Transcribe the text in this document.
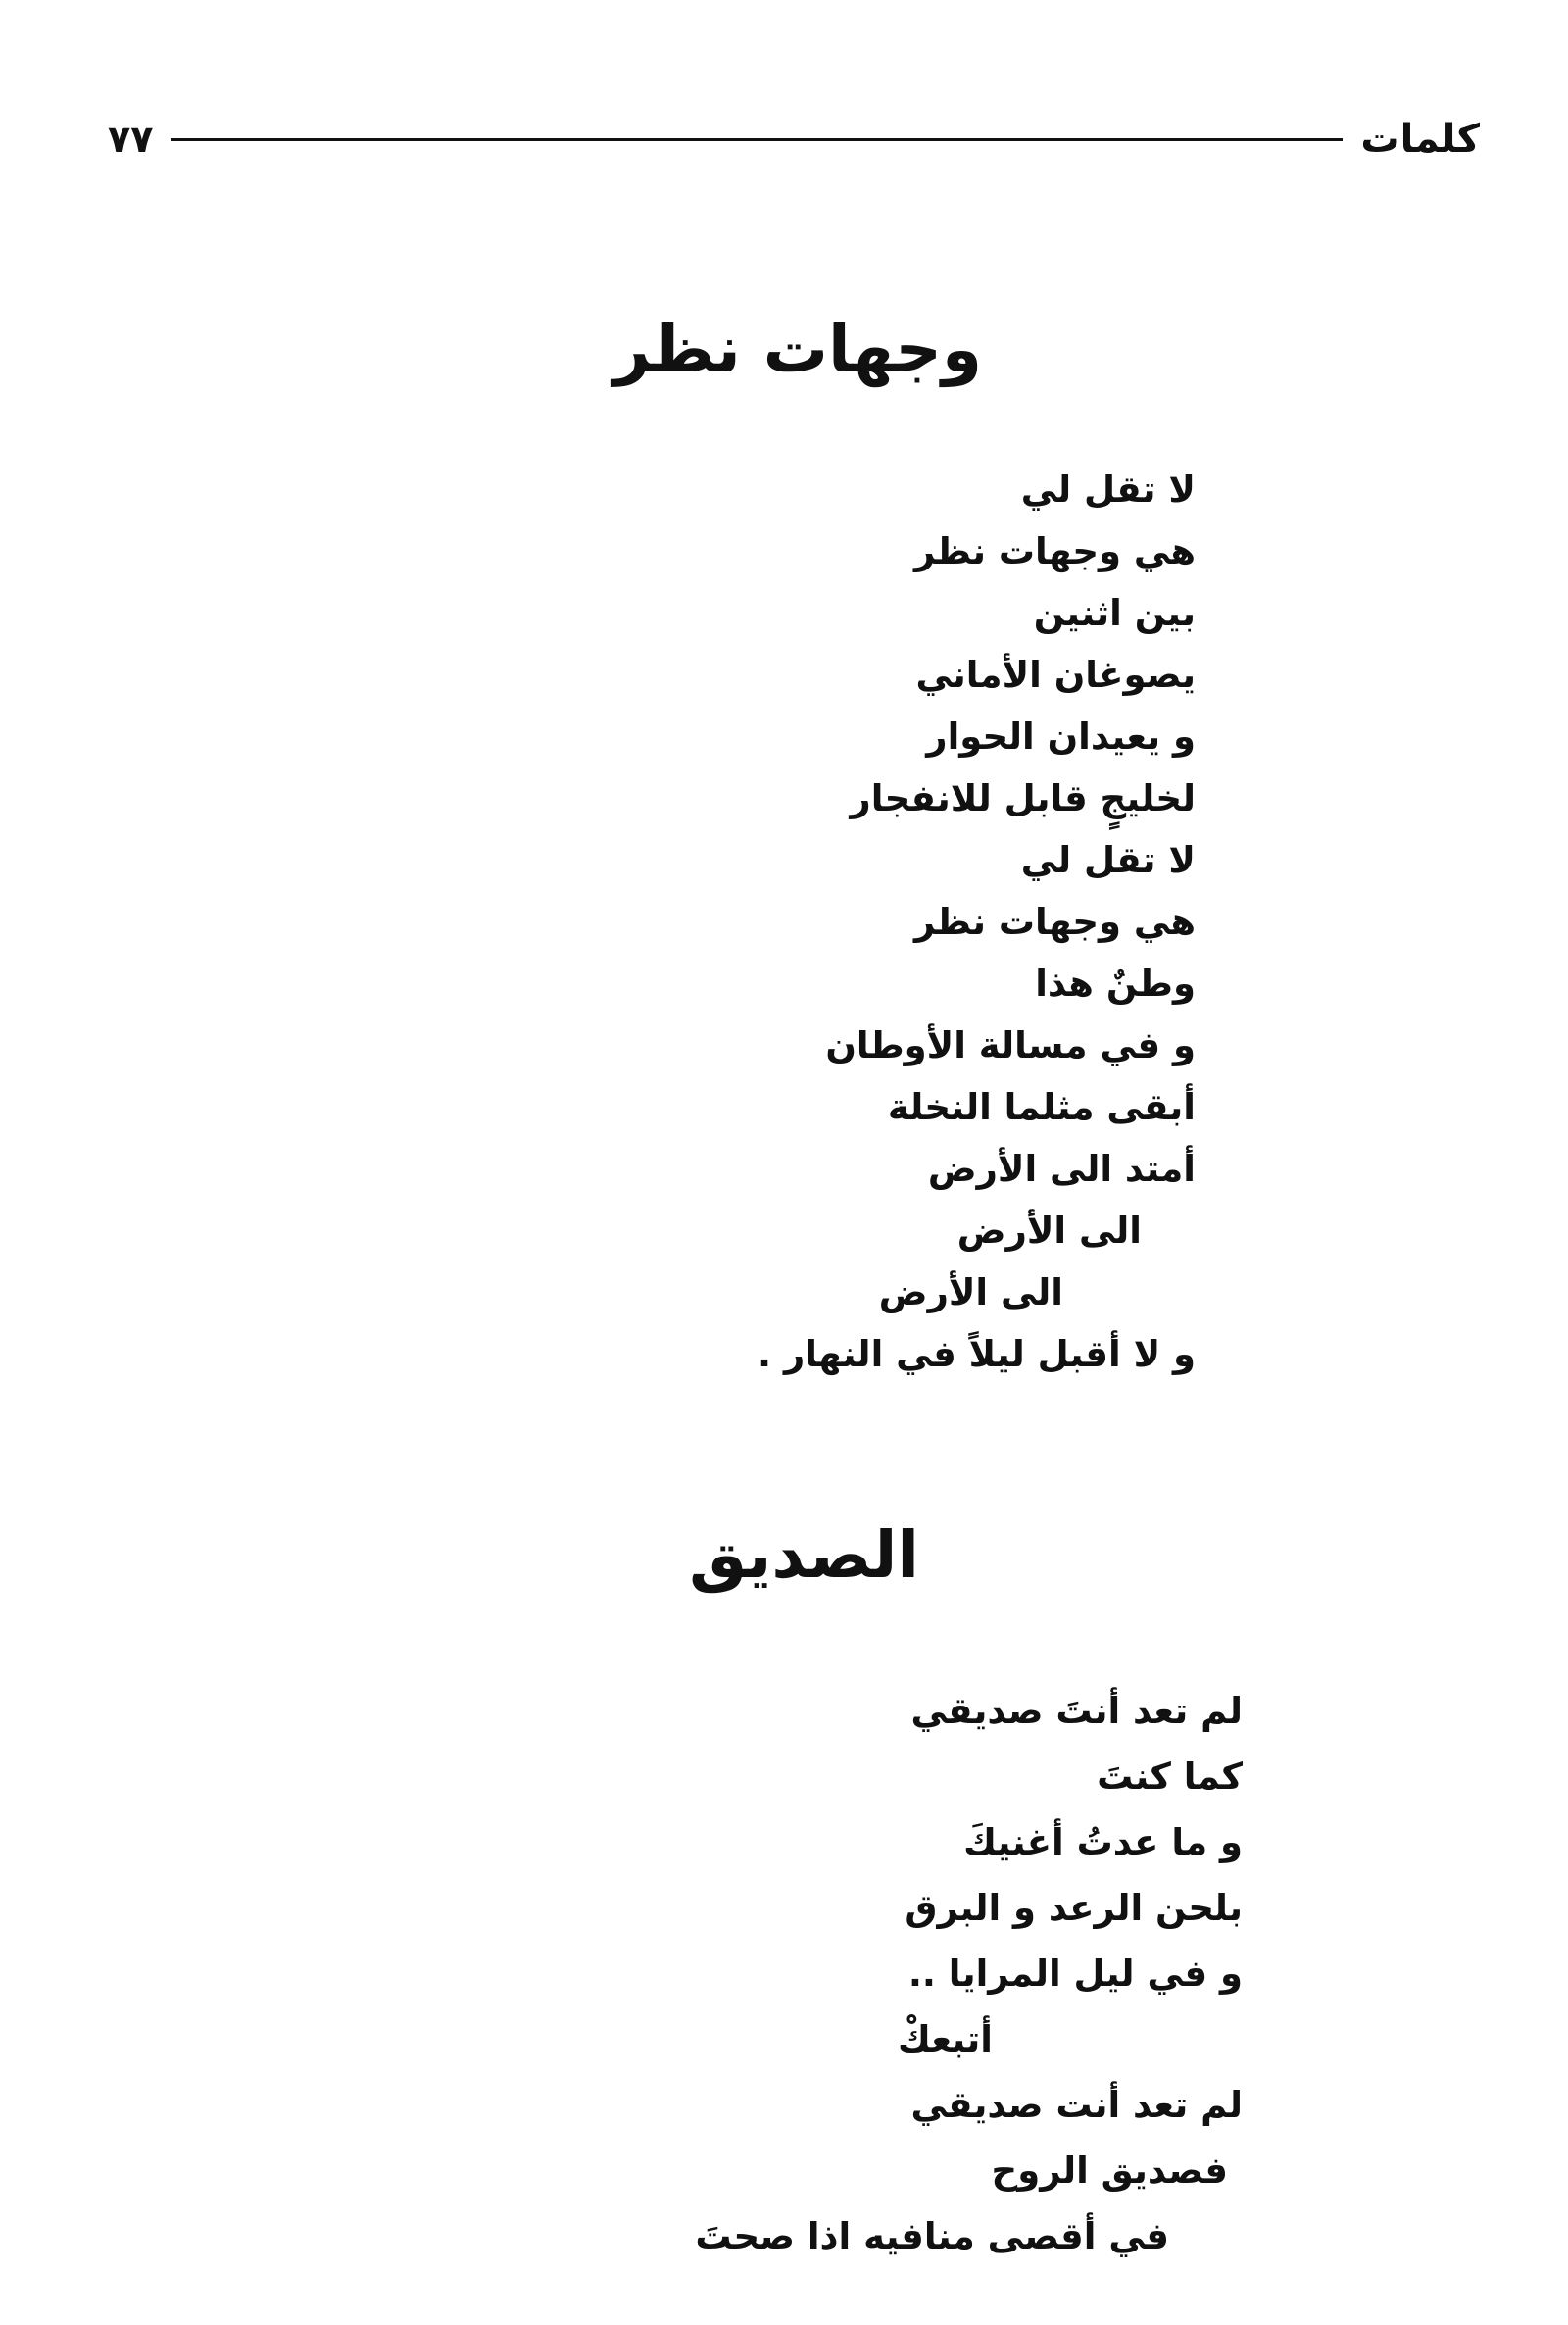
كلمات
٧٧
وجهات نظر
لا تقل لي
هي وجهات نظر
بين اثنين
يصوغان الأماني
و يعيدان الحوار
لخليجٍ قابل للانفجار
لا تقل لي
هي وجهات نظر
وطنٌ هذا
و في مسالة الأوطان
أبقى مثلما النخلة
أمتد الى الأرض
الى الأرض
الى الأرض
و لا أقبل ليلاً في النهار .
الصديق
لم تعد أنتَ صديقي
كما كنتَ
و ما عدتُ أغنيكَ
بلحن الرعد و البرق
و في ليل المرايا ..
أتبعكْ
لم تعد أنت صديقي
فصديق الروح
في أقصى منافيه اذا صحتَ
